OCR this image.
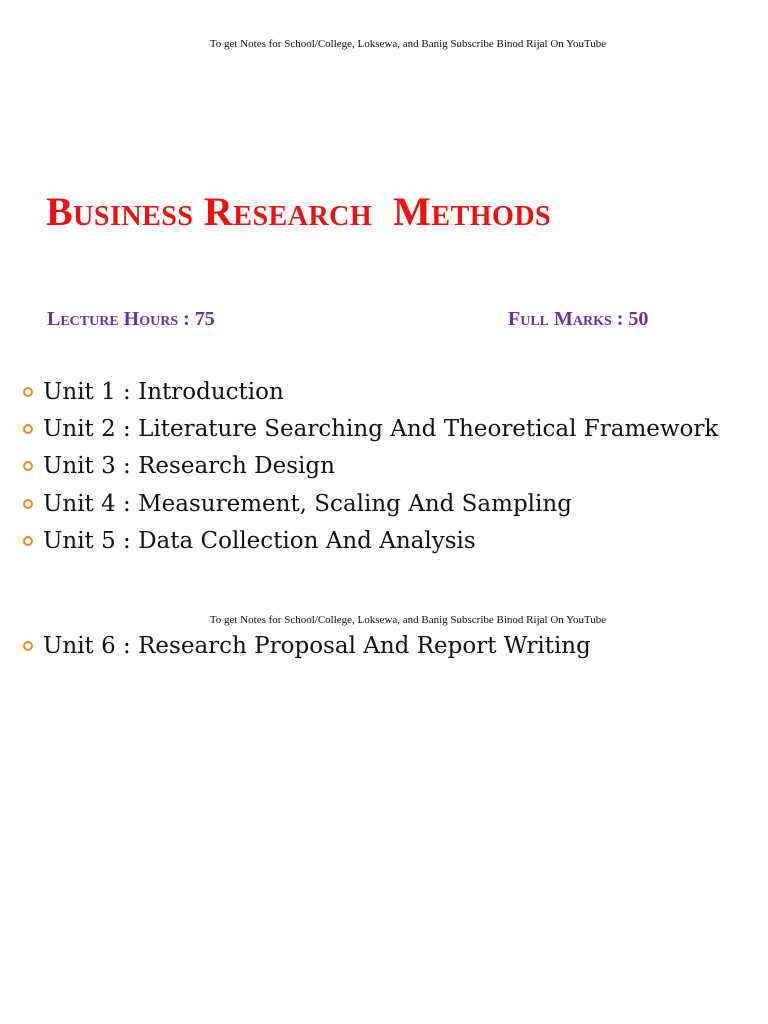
To get Notes for School/College, Loksewa, and Banig Subscribe Binod Rijal On YouTube
Business Research  Methods
Lecture Hours : 75	Full Marks : 50
Unit 1 : Introduction
Unit 2 : Literature Searching And Theoretical Framework
Unit 3 : Research Design
Unit 4 : Measurement, Scaling And Sampling
Unit 5 : Data Collection And Analysis
To get Notes for School/College, Loksewa, and Banig Subscribe Binod Rijal On YouTube
Unit 6 : Research Proposal And Report Writing
